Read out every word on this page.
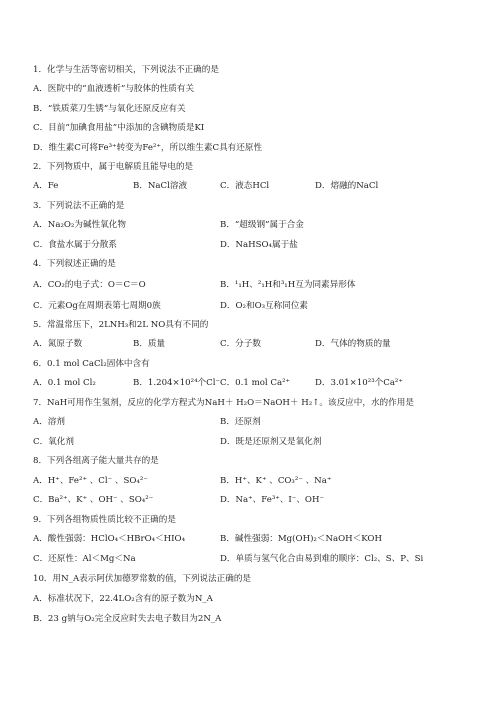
1．化学与生活等密切相关，下列说法不正确的是
A．医院中的“血液透析”与胶体的性质有关
B．“铁质菜刀生锈”与氧化还原反应有关
C．目前“加碘食用盐”中添加的含碘物质是KI
D．维生素C可将Fe³⁺转变为Fe²⁺，所以维生素C具有还原性
2．下列物质中，属于电解质且能导电的是
A．Fe	B．NaCl溶液	C．液态HCl	D．熔融的NaCl
3．下列说法不正确的是
A．Na₂O₂为碱性氧化物	B．“超级钢”属于合金
C．食盐水属于分散系	D．NaHSO₄属于盐
4．下列叙述正确的是
A．CO₂的电子式：O＝C＝O	B．¹₁H、²₁H和³₁H互为同素异形体
C．元素Og在周期表第七周期0族	D．O₂和O₃互称同位素
5．常温常压下，2LNH₃和2L NO具有不同的
A．氮原子数	B．质量	C．分子数	D．气体的物质的量
6．0.1 mol CaCl₂固体中含有
A．0.1 mol Cl₂	B．1.204×10²⁴个Cl⁻ C．0.1 mol Ca²⁺	D．3.01×10²³个Ca²⁺
7．NaH可用作生氢剂，反应的化学方程式为NaH＋ H₂O＝NaOH＋ H₂↑。该反应中，水的作用是
A．溶剂	B．还原剂
C．氧化剂	D．既是还原剂又是氧化剂
8．下列各组离子能大量共存的是
A．H⁺、Fe²⁺ 、Cl⁻ 、SO₄²⁻	B．H⁺、K⁺ 、CO₃²⁻ 、Na⁺
C．Ba²⁺、K⁺ 、OH⁻ 、SO₄²⁻	D．Na⁺、Fe³⁺、I⁻、OH⁻
9．下列各组物质性质比较不正确的是
A．酸性强弱：HClO₄＜HBrO₄＜HIO₄	B．碱性强弱：Mg(OH)₂＜NaOH＜KOH
C．还原性：Al＜Mg＜Na	D．单质与氢气化合由易到难的顺序：Cl₂、S、P、Si
10．用N_A表示阿伏加德罗常数的值，下列说法正确的是
A．标准状况下，22.4LO₂含有的原子数为N_A
B．23 g钠与O₂完全反应时失去电子数目为2N_A
